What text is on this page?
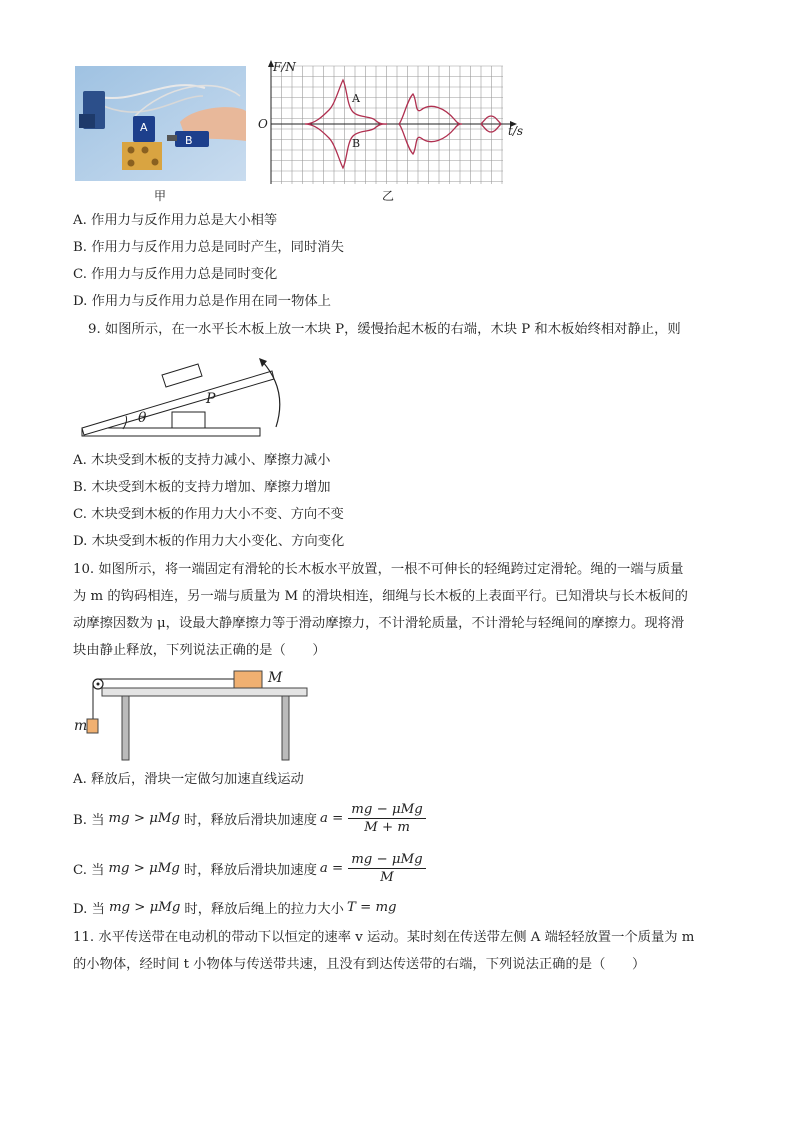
A
B
甲
F/N
O	t/s
A
B
乙
A. 作用力与反作用力总是大小相等
B. 作用力与反作用力总是同时产生，同时消失
C. 作用力与反作用力总是同时变化
D. 作用力与反作用力总是作用在同一物体上
9. 如图所示，在一水平长木板上放一木块 P，缓慢抬起木板的右端，木块 P 和木板始终相对静止，则
θ
P
A. 木块受到木板的支持力减小、摩擦力减小
B. 木块受到木板的支持力增加、摩擦力增加
C. 木块受到木板的作用力大小不变、方向不变
D. 木块受到木板的作用力大小变化、方向变化
10. 如图所示，将一端固定有滑轮的长木板水平放置，一根不可伸长的轻绳跨过定滑轮。绳的一端与质量
为 m 的钩码相连，另一端与质量为 M 的滑块相连，细绳与长木板的上表面平行。已知滑块与长木板间的
动摩擦因数为 μ，设最大静摩擦力等于滑动摩擦力，不计滑轮质量，不计滑轮与轻绳间的摩擦力。现将滑
块由静止释放，下列说法正确的是（　　）
M
m
A. 释放后，滑块一定做匀加速直线运动
B. 当 mg > μMg 时，释放后滑块加速度 $a = \frac{\text{mg − μMg}}{M + m}$
C. 当 mg > μMg 时，释放后滑块加速度 $a = \frac{\text{mg − μMg}}{M}$
D. 当 mg > μMg 时，释放后绳上的拉力大小 T = mg
11. 水平传送带在电动机的带动下以恒定的速率 v 运动。某时刻在传送带左侧 A 端轻轻放置一个质量为 m
的小物体，经时间 t 小物体与传送带共速，且没有到达传送带的右端，下列说法正确的是（　　）
